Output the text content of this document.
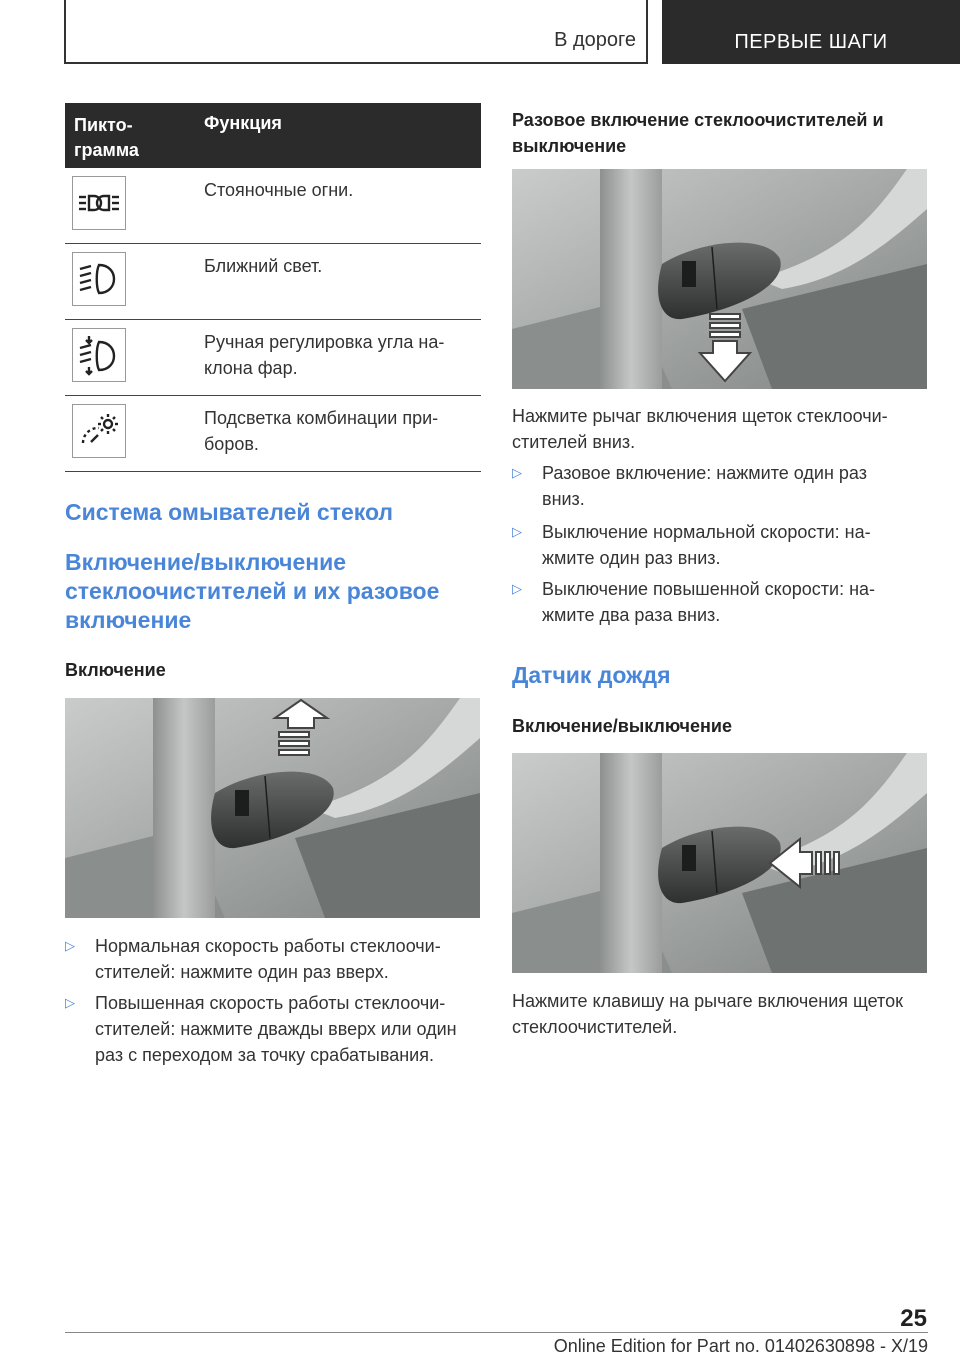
В дороге	ПЕРВЫЕ ШАГИ
Пикто-
грамма
Функция
Стояночные огни.
Ближний свет.
Ручная регулировка угла на-
клона фар.
Подсветка комбинации при-
боров.
Система омывателей стекол
Включение/выключение
стеклоочистителей и их разовое
включение
Включение
▷ Нормальная скорость работы стеклоочи-
стителей: нажмите один раз вверх.
▷ Повышенная скорость работы стеклоочи-
стителей: нажмите дважды вверх или один
раз с переходом за точку срабатывания.
Разовое включение стеклоочистителей и
выключение
Нажмите рычаг включения щеток стеклоочи-
стителей вниз.
▷ Разовое включение: нажмите один раз
вниз.
▷ Выключение нормальной скорости: на-
жмите один раз вниз.
▷ Выключение повышенной скорости: на-
жмите два раза вниз.
Датчик дождя
Включение/выключение
Нажмите клавишу на рычаге включения щеток
стеклоочистителей.
25
Online Edition for Part no. 01402630898 - X/19
